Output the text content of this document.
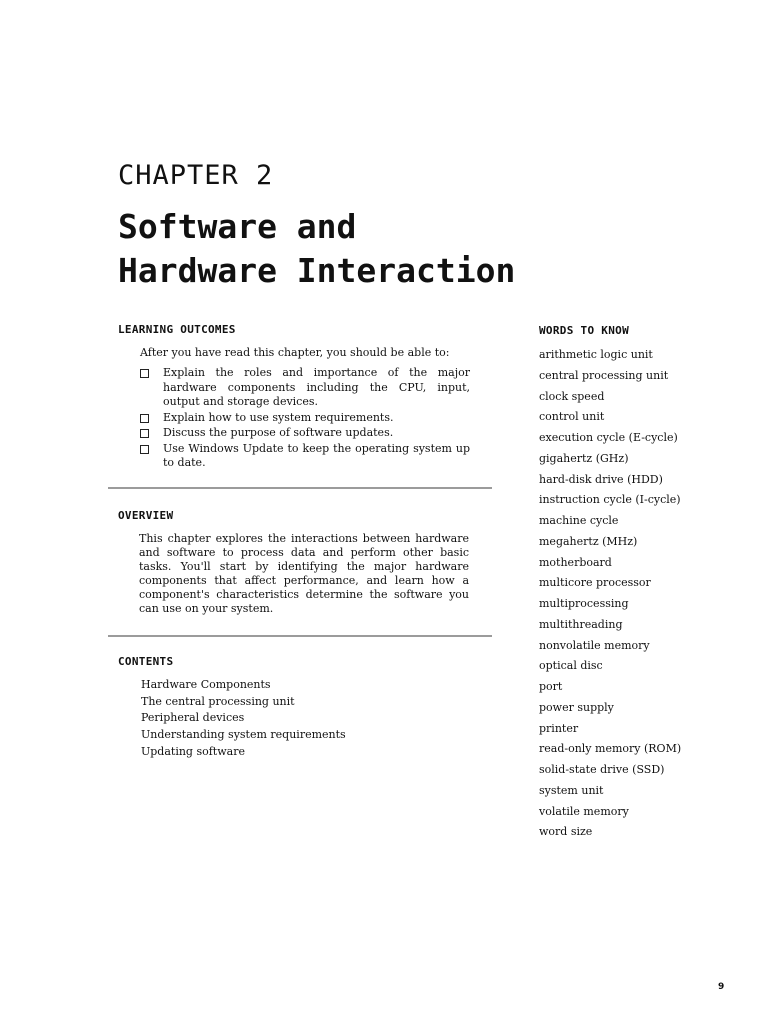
CHAPTER 2
Software and
Hardware Interaction
LEARNING OUTCOMES

After you have read this chapter, you should be able to:

Explain the roles and importance of the major hardware components including the CPU, input, output and storage devices.
Explain how to use system requirements.
Discuss the purpose of software updates.
Use Windows Update to keep the operating system up to date.
OVERVIEW

This chapter explores the interactions between hardware and software to process data and perform other basic tasks. You'll start by identifying the major hardware components that affect performance, and learn how a component's characteristics determine the software you can use on your system.

CONTENTS
Hardware Components
The central processing unit
Peripheral devices
Understanding system requirements
Updating software
WORDS TO KNOW
arithmetic logic unit
central processing unit
clock speed
control unit
execution cycle (E-cycle)
gigahertz (GHz)
hard-disk drive (HDD)
instruction cycle (I-cycle)
machine cycle
megahertz (MHz)
motherboard
multicore processor
multiprocessing
multithreading
nonvolatile memory
optical disc
port
power supply
printer
read-only memory (ROM)
solid-state drive (SSD)
system unit
volatile memory
word size
9
